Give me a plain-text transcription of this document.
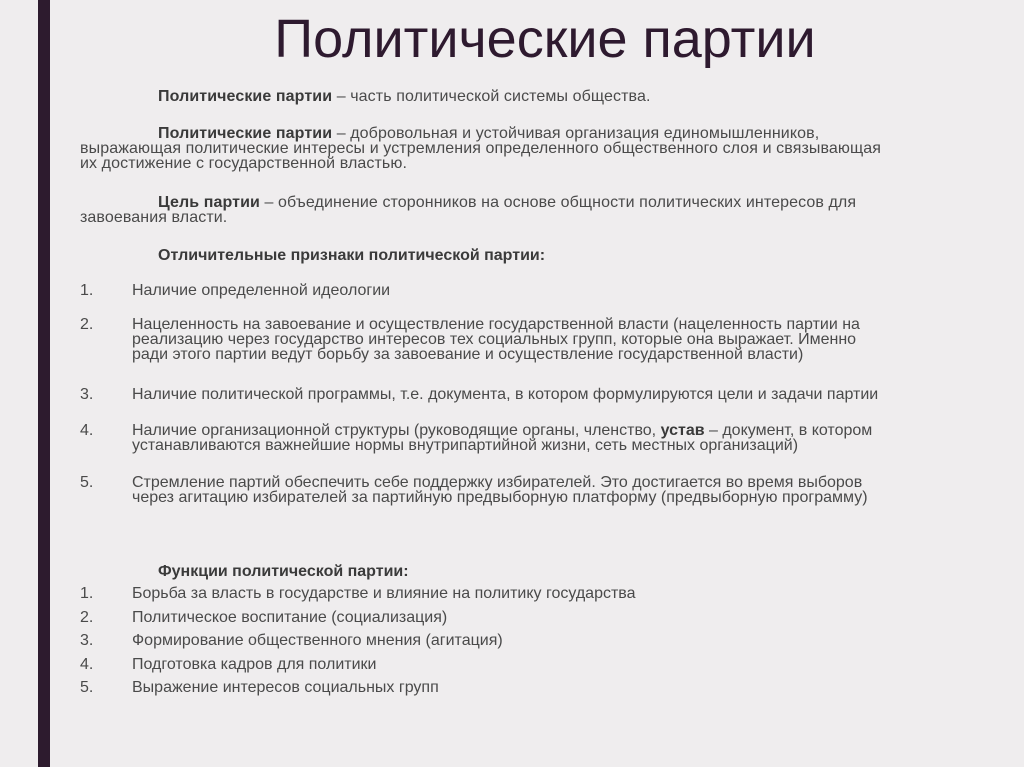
Политические партии
Политические партии – часть политической системы общества.
Политические партии – добровольная и устойчивая организация единомышленников,
выражающая политические интересы и устремления определенного общественного слоя и связывающая
их достижение с государственной властью.
Цель партии – объединение сторонников на основе общности политических интересов для
завоевания власти.
Отличительные признаки политической партии:
1.	Наличие определенной идеологии
2.	Нацеленность на завоевание и осуществление государственной власти (нацеленность партии на
реализацию через государство интересов тех социальных групп, которые она выражает. Именно
ради этого партии ведут борьбу за завоевание и осуществление государственной власти)
3.	Наличие политической программы, т.е. документа, в котором формулируются цели и задачи партии
4.	Наличие организационной структуры (руководящие органы, членство, устав – документ, в котором
устанавливаются важнейшие нормы внутрипартийной жизни, сеть местных организаций)
5.	Стремление партий обеспечить себе поддержку избирателей. Это достигается во время выборов
через агитацию избирателей за партийную предвыборную платформу (предвыборную программу)
Функции политической партии:
1.	Борьба за власть в государстве и влияние на политику государства
2.	Политическое воспитание (социализация)
3.	Формирование общественного мнения (агитация)
4.	Подготовка кадров для политики
5.	Выражение интересов социальных групп
